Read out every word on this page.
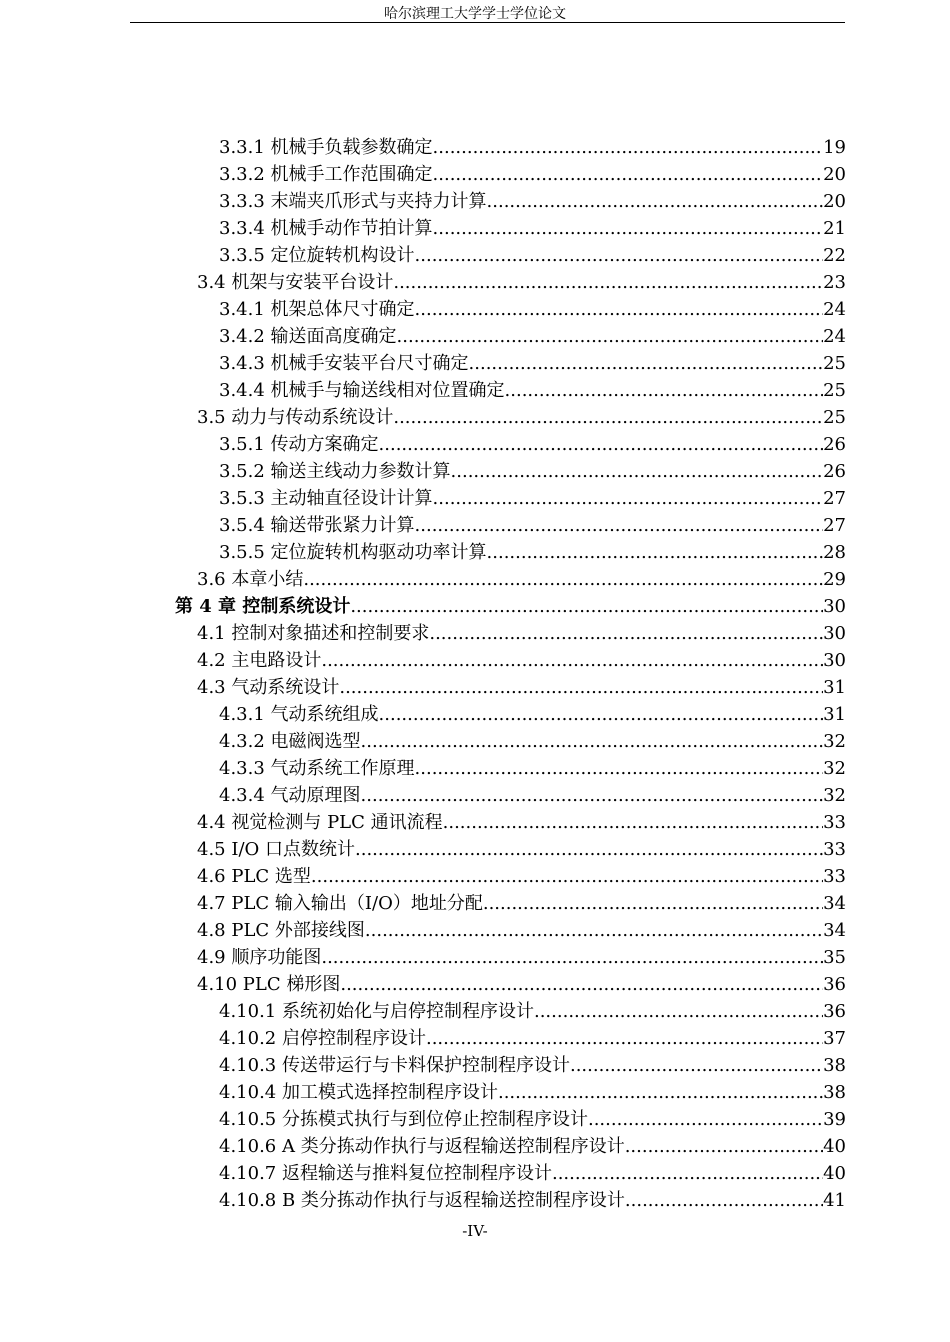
哈尔滨理工大学学士学位论文
3.3.1 机械手负载参数确定 .....	19
3.3.2 机械手工作范围确定 .....	20
3.3.3 末端夹爪形式与夹持力计算 .....	20
3.3.4 机械手动作节拍计算 .....	21
3.3.5 定位旋转机构设计 .....	22
3.4 机架与安装平台设计 .....	23
3.4.1 机架总体尺寸确定 .....	24
3.4.2 输送面高度确定 .....	24
3.4.3 机械手安装平台尺寸确定 .....	25
3.4.4 机械手与输送线相对位置确定 .....	25
3.5 动力与传动系统设计 .....	25
3.5.1 传动方案确定 .....	26
3.5.2 输送主线动力参数计算 .....	26
3.5.3 主动轴直径设计计算 .....	27
3.5.4 输送带张紧力计算 .....	27
3.5.5 定位旋转机构驱动功率计算 .....	28
3.6 本章小结 .....	29
第 4 章 控制系统设计 .....	30
4.1 控制对象描述和控制要求 .....	30
4.2 主电路设计 .....	30
4.3 气动系统设计 .....	31
4.3.1 气动系统组成 .....	31
4.3.2 电磁阀选型 .....	32
4.3.3 气动系统工作原理 .....	32
4.3.4 气动原理图 .....	32
4.4 视觉检测与 PLC 通讯流程 .....	33
4.5 I/O 口点数统计 .....	33
4.6 PLC 选型 .....	33
4.7 PLC 输入输出（I/O）地址分配 .....	34
4.8 PLC 外部接线图 .....	34
4.9 顺序功能图 .....	35
4.10 PLC 梯形图 .....	36
4.10.1 系统初始化与启停控制程序设计 .....	36
4.10.2 启停控制程序设计 .....	37
4.10.3 传送带运行与卡料保护控制程序设计 .....	38
4.10.4 加工模式选择控制程序设计 .....	38
4.10.5 分拣模式执行与到位停止控制程序设计 .....	39
4.10.6 A 类分拣动作执行与返程输送控制程序设计 .....	40
4.10.7 返程输送与推料复位控制程序设计 .....	40
4.10.8 B 类分拣动作执行与返程输送控制程序设计 .....	41
-IV-
